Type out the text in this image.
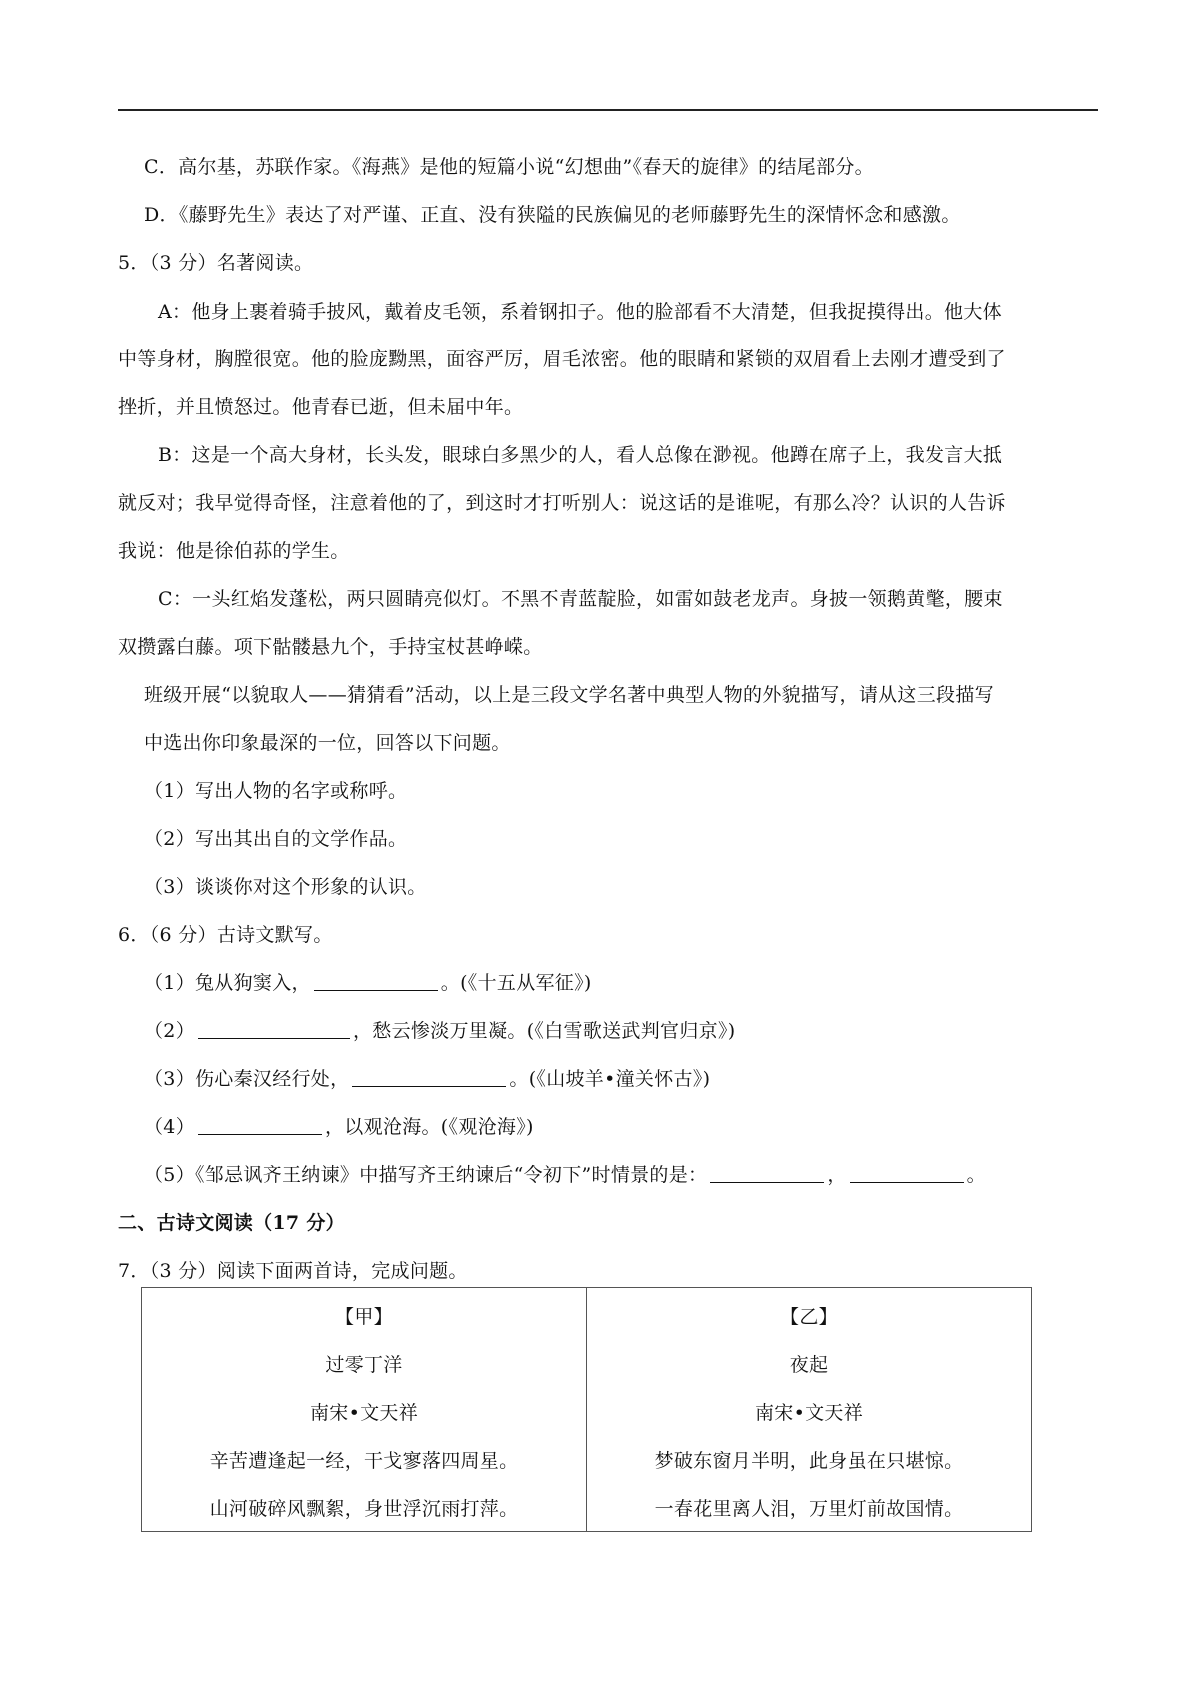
C．高尔基，苏联作家。《海燕》是他的短篇小说“幻想曲”《春天的旋律》的结尾部分。
D．《藤野先生》表达了对严谨、正直、没有狭隘的民族偏见的老师藤野先生的深情怀念和感激。
5．（3 分）名著阅读。
A：他身上裹着骑手披风，戴着皮毛领，系着钢扣子。他的脸部看不大清楚，但我捉摸得出。他大体
中等身材，胸膛很宽。他的脸庞黝黑，面容严厉，眉毛浓密。他的眼睛和紧锁的双眉看上去刚才遭受到了
挫折，并且愤怒过。他青春已逝，但未届中年。
B：这是一个高大身材，长头发，眼球白多黑少的人，看人总像在渺视。他蹲在席子上，我发言大抵
就反对；我早觉得奇怪，注意着他的了，到这时才打听别人：说这话的是谁呢，有那么冷？认识的人告诉
我说：他是徐伯荪的学生。
C：一头红焰发蓬松，两只圆睛亮似灯。不黑不青蓝靛脸，如雷如鼓老龙声。身披一领鹅黄氅，腰束
双攒露白藤。项下骷髅悬九个，手持宝杖甚峥嵘。
班级开展“以貌取人——猜猜看”活动，以上是三段文学名著中典型人物的外貌描写，请从这三段描写
中选出你印象最深的一位，回答以下问题。
（1）写出人物的名字或称呼。
（2）写出其出自的文学作品。
（3）谈谈你对这个形象的认识。
6．（6 分）古诗文默写。
（1）兔从狗窦入，	。(《十五从军征》)
（2）	，愁云惨淡万里凝。(《白雪歌送武判官归京》)
（3）伤心秦汉经行处，	。(《山坡羊•潼关怀古》)
（4）	，以观沧海。(《观沧海》)
（5）《邹忌讽齐王纳谏》中描写齐王纳谏后“令初下”时情景的是：	，	。
二、古诗文阅读（17 分）
7．（3 分）阅读下面两首诗，完成问题。
【甲】
过零丁洋
南宋•文天祥
辛苦遭逢起一经，干戈寥落四周星。
山河破碎风飘絮，身世浮沉雨打萍。
【乙】
夜起
南宋•文天祥
梦破东窗月半明，此身虽在只堪惊。
一春花里离人泪，万里灯前故国情。
